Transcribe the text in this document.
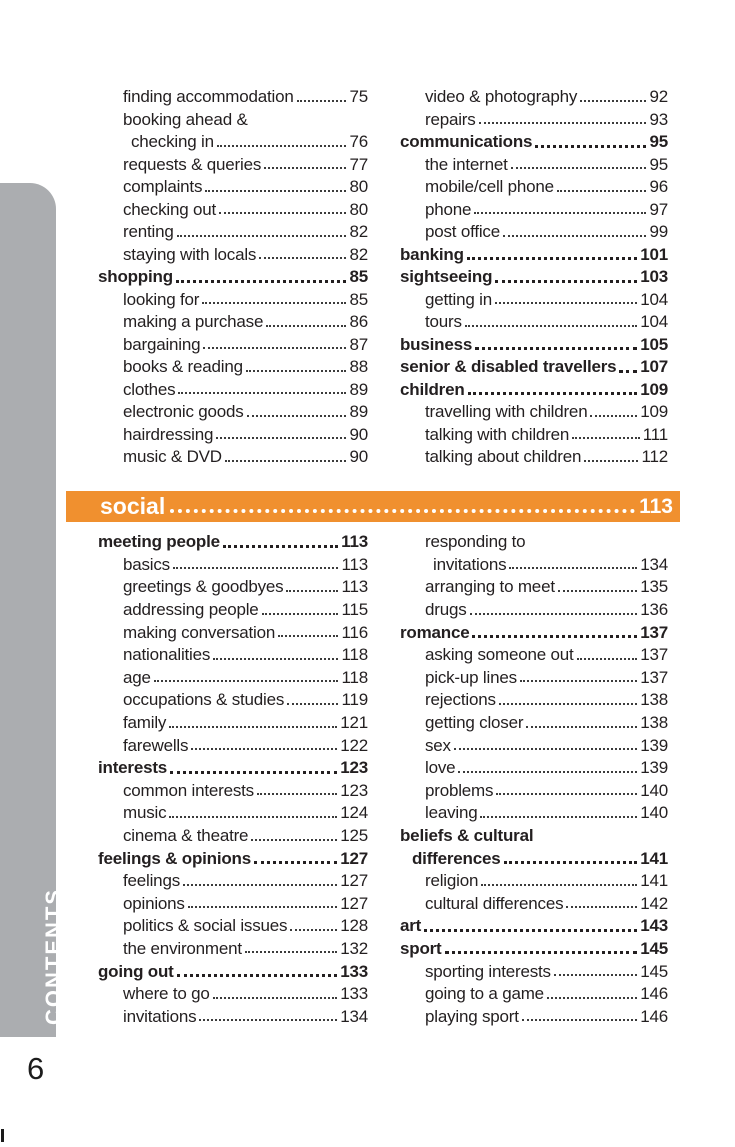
CONTENTS
finding accommodation	75
booking ahead &
checking in	76
requests & queries	77
complaints	80
checking out	80
renting	82
staying with locals	82
shopping	85
looking for	85
making a purchase	86
bargaining	87
books & reading	88
clothes	89
electronic goods	89
hairdressing	90
music & DVD	90
video & photography	92
repairs	93
communications	95
the internet	95
mobile/cell phone	96
phone	97
post office	99
banking	101
sightseeing	103
getting in	104
tours	104
business	105
senior & disabled travellers 107
children	109
travelling with children	109
talking with children	111
talking about children	112
social	113
meeting people	113
basics	113
greetings & goodbyes	113
addressing people	115
making conversation	116
nationalities	118
age	118
occupations & studies	119
family	121
farewells	122
interests	123
common interests	123
music	124
cinema & theatre	125
feelings & opinions	127
feelings	127
opinions	127
politics & social issues	128
the environment	132
going out	133
where to go	133
invitations	134
responding to
invitations	134
arranging to meet	135
drugs	136
romance	137
asking someone out	137
pick-up lines	137
rejections	138
getting closer	138
sex	139
love	139
problems	140
leaving	140
beliefs & cultural
differences	141
religion	141
cultural differences	142
art	143
sport	145
sporting interests	145
going to a game	146
playing sport	146
6
